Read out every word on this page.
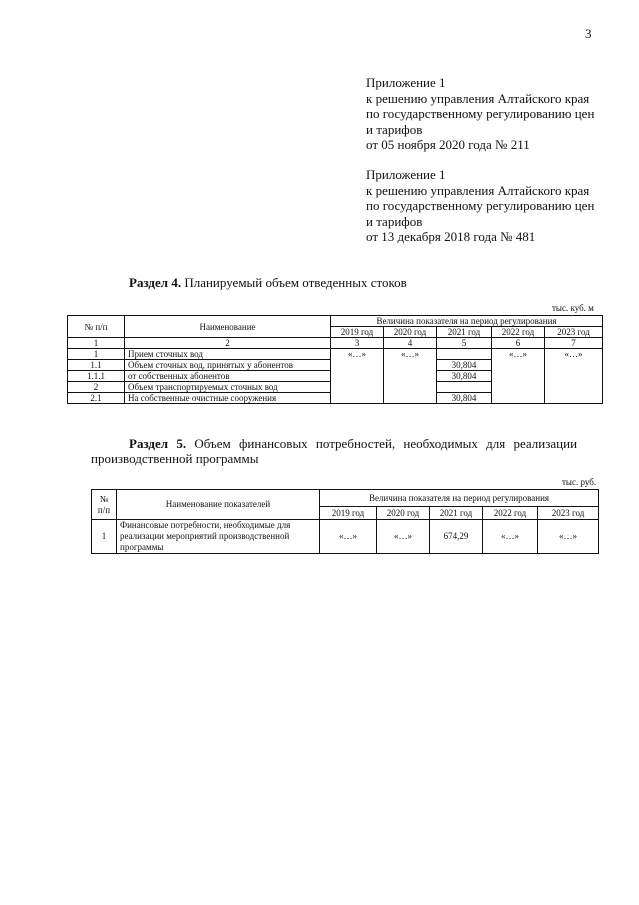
3
Приложение 1
к решению управления Алтайского края
по государственному регулированию цен
и тарифов
от 05 ноября 2020 года № 211
Приложение 1
к решению управления Алтайского края
по государственному регулированию цен
и тарифов
от 13 декабря 2018 года № 481
Раздел 4. Планируемый объем отведенных стоков
тыс. куб. м
№ п/п	Наименование	Величина показателя на период регулирования				
		2019 год	2020 год	2021 год	2022 год	2023 год
1	2	3	4	5	6	7
1	Прием сточных вод	«…»	«…»		«…»	«…»
1.1	Объем сточных вод, принятых у абонентов			30,804		
1.1.1	от собственных абонентов			30,804		
2	Объем транспортируемых сточных вод					
2.1	На собственные очистные сооружения			30,804		
Раздел 5. Объем финансовых потребностей, необходимых для реализации
производственной программы
тыс. руб.
№ п/п	Наименование показателей	Величина показателя на период регулирования				
		2019 год	2020 год	2021 год	2022 год	2023 год
1	Финансовые потребности, необходимые для реализации мероприятий производственной программы	«…»	«…»	674,29	«…»	«…»
